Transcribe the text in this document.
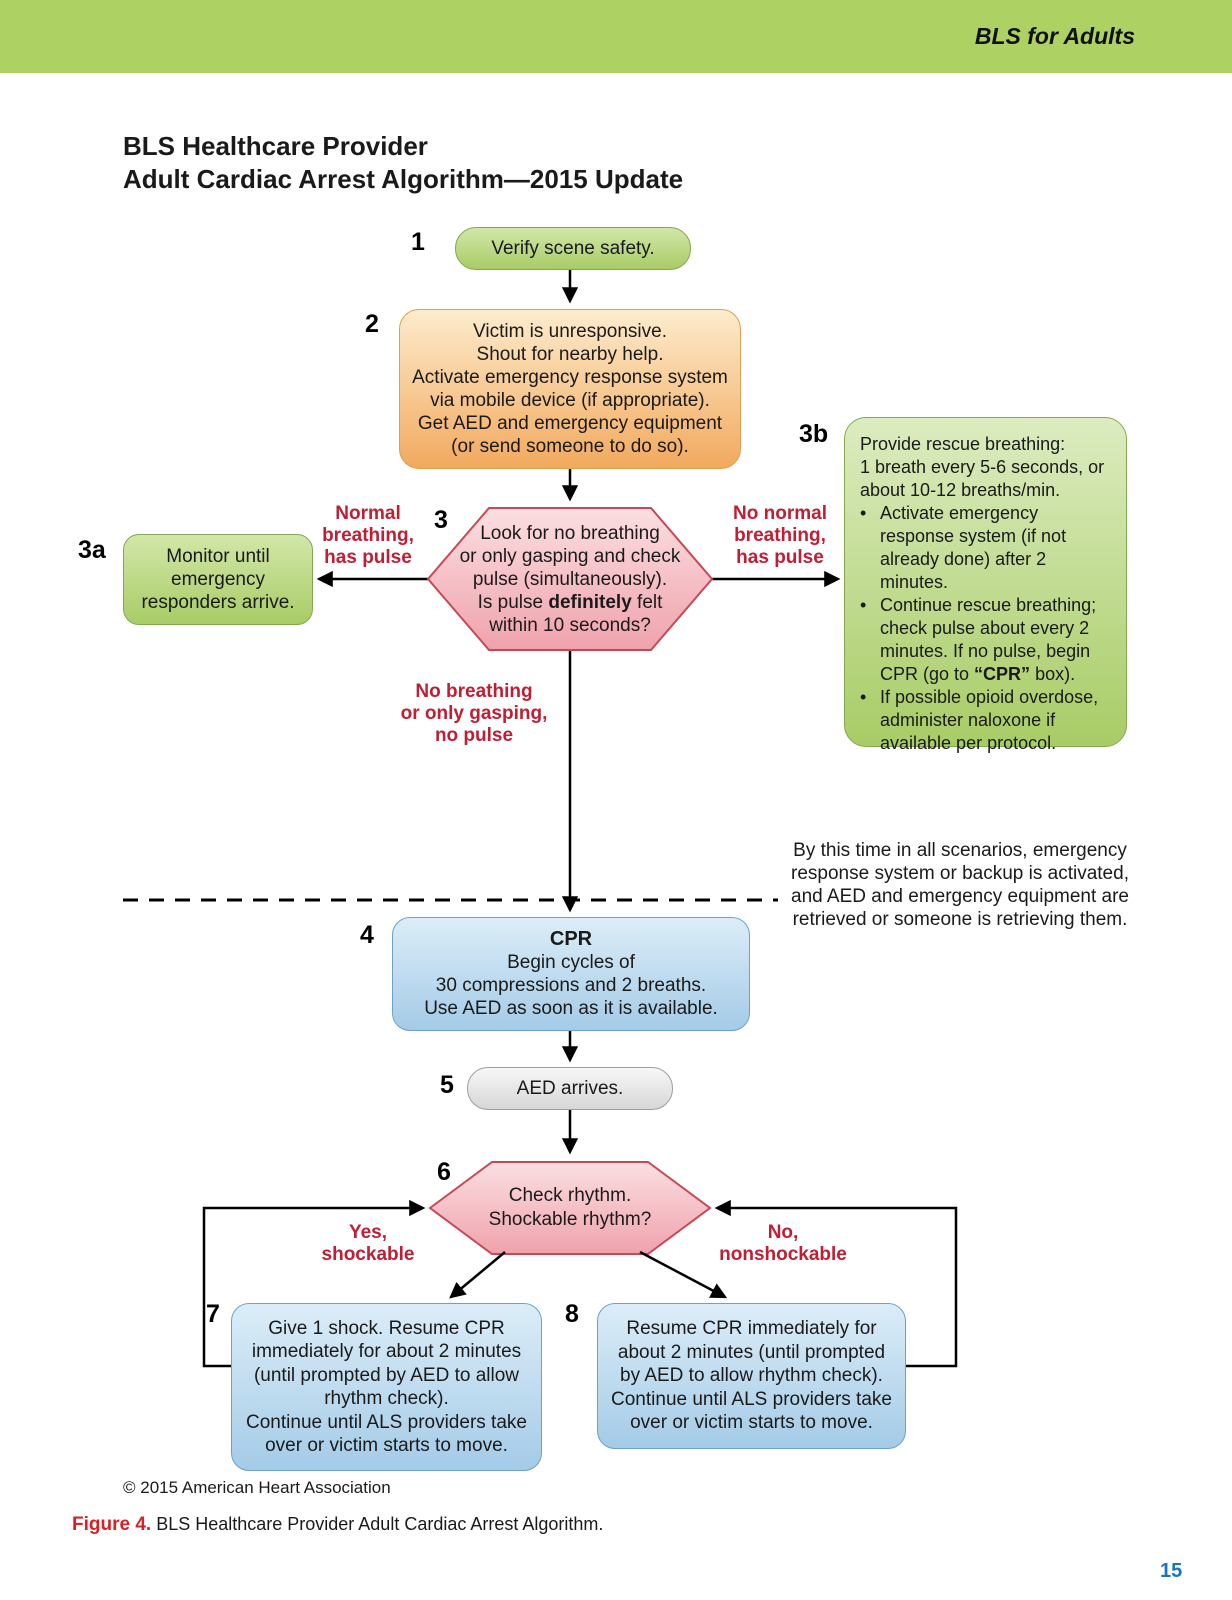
BLS for Adults
BLS Healthcare Provider
Adult Cardiac Arrest Algorithm—2015 Update
1
2
3
3a
3b
4
5
6
7	8
Verify scene safety.
Victim is unresponsive.
Shout for nearby help.
Activate emergency response system
via mobile device (if appropriate).
Get AED and emergency equipment
(or send someone to do so).
Look for no breathing
or only gasping and check
pulse (simultaneously).
Is pulse definitely felt
within 10 seconds?
Normal
breathing,
has pulse
No normal
breathing,
has pulse
No breathing
or only gasping,
no pulse
Monitor until
emergency
responders arrive.
Provide rescue breathing:
1 breath every 5-6 seconds, or
about 10-12 breaths/min.
• Activate emergency response system (if not already done) after 2 minutes.
• Continue rescue breathing; check pulse about every 2 minutes. If no pulse, begin CPR (go to “CPR” box).
• If possible opioid overdose, administer naloxone if available per protocol.
By this time in all scenarios, emergency
response system or backup is activated,
and AED and emergency equipment are
retrieved or someone is retrieving them.
CPR
Begin cycles of
30 compressions and 2 breaths.
Use AED as soon as it is available.
AED arrives.
Check rhythm.
Shockable rhythm?
Yes,
shockable
No,
nonshockable
Give 1 shock. Resume CPR
immediately for about 2 minutes
(until prompted by AED to allow
rhythm check).
Continue until ALS providers take
over or victim starts to move.
Resume CPR immediately for
about 2 minutes (until prompted
by AED to allow rhythm check).
Continue until ALS providers take
over or victim starts to move.
© 2015 American Heart Association
Figure 4. BLS Healthcare Provider Adult Cardiac Arrest Algorithm.
15
